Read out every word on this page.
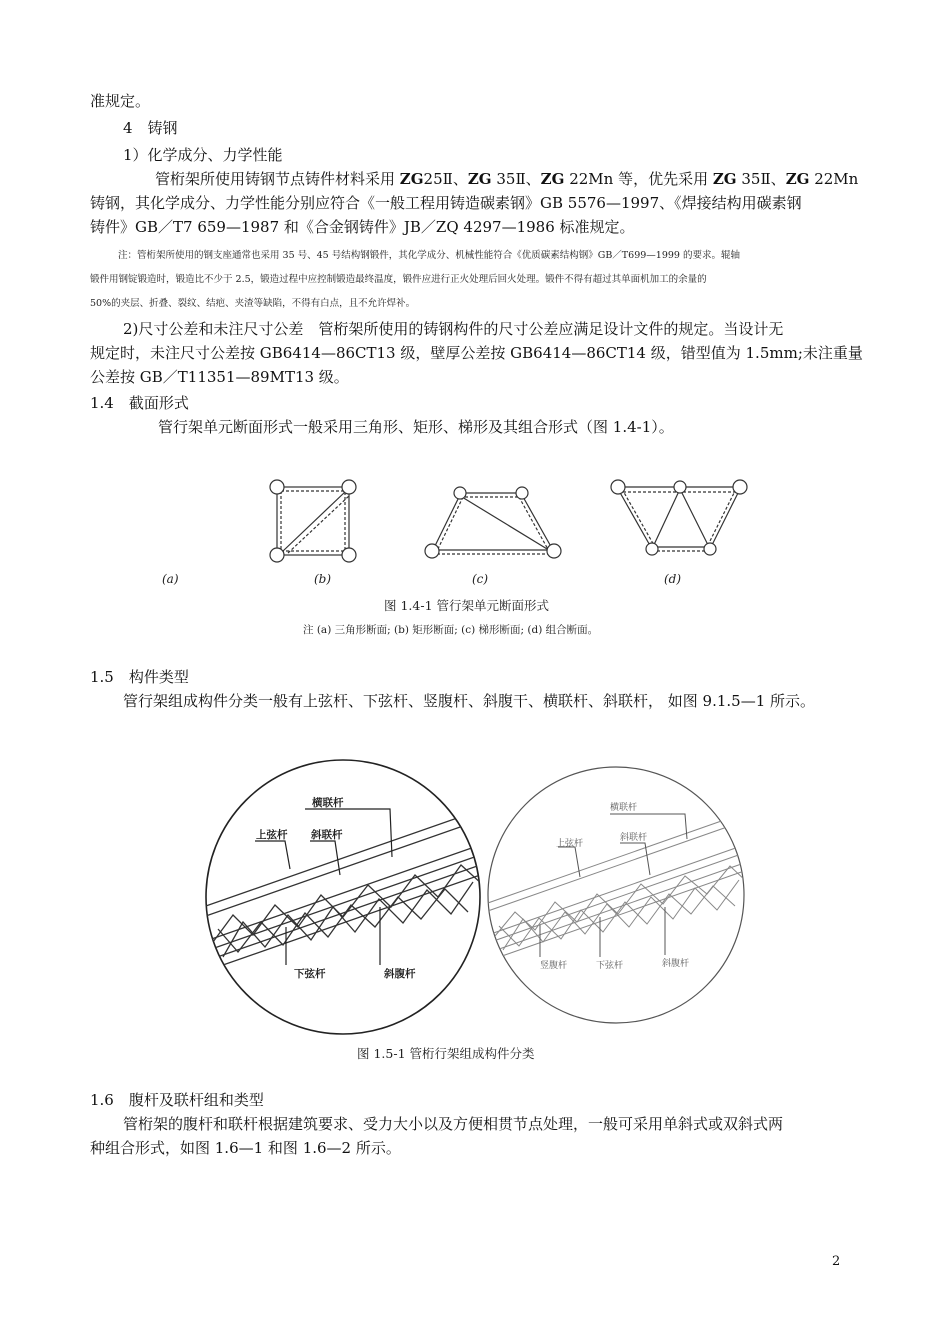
准规定。
4 铸钢
1）化学成分、力学性能
管桁架所使用铸钢节点铸件材料采用 ZG25Ⅱ、ZG 35Ⅱ、ZG 22Mn 等，优先采用 ZG 35Ⅱ、ZG 22Mn
铸钢，其化学成分、力学性能分别应符合《一般工程用铸造碳素钢》GB 5576—1997、《焊接结构用碳素钢
铸件》GB／T7 659—1987 和《合金钢铸件》JB／ZQ 4297—1986 标准规定。
注：管桁架所使用的钢支座通常也采用 35 号、45 号结构钢锻件，其化学成分、机械性能符合《优质碳素结构钢》GB／T699—1999 的要求。辊轴
锻件用钢锭锻造时，锻造比不少于 2.5，锻造过程中应控制锻造最终温度，锻件应进行正火处理后回火处理。锻件不得有超过其单面机加工的余量的
50%的夹层、折叠、裂纹、结疤、夹渣等缺陷，不得有白点，且不允许焊补。
2)尺寸公差和未注尺寸公差 管桁架所使用的铸钢构件的尺寸公差应满足设计文件的规定。当设计无
规定时，未注尺寸公差按 GB6414—86CT13 级，壁厚公差按 GB6414—86CT14 级，错型值为 1.5mm;未注重量
公差按 GB／T11351—89MT13 级。
1.4 截面形式
管行架单元断面形式一般采用三角形、矩形、梯形及其组合形式（图 1.4-1）。
(a)	(b)	(c)	(d)
图 1.4-1 管行架单元断面形式
注 (a) 三角形断面; (b) 矩形断面; (c) 梯形断面; (d) 组合断面。
1.5 构件类型
管行架组成构件分类一般有上弦杆、下弦杆、竖腹杆、斜腹干、横联杆、斜联杆， 如图 9.1.5—1 所示。
横联杆
上弦杆 斜联杆
下弦杆	斜腹杆
横联杆
上弦杆
斜联杆
竖腹杆	下弦杆	斜腹杆
图 1.5-1 管桁行架组成构件分类
1.6 腹杆及联杆组和类型
管桁架的腹杆和联杆根据建筑要求、受力大小以及方便相贯节点处理，一般可采用单斜式或双斜式两
种组合形式，如图 1.6—1 和图 1.6—2 所示。
2
